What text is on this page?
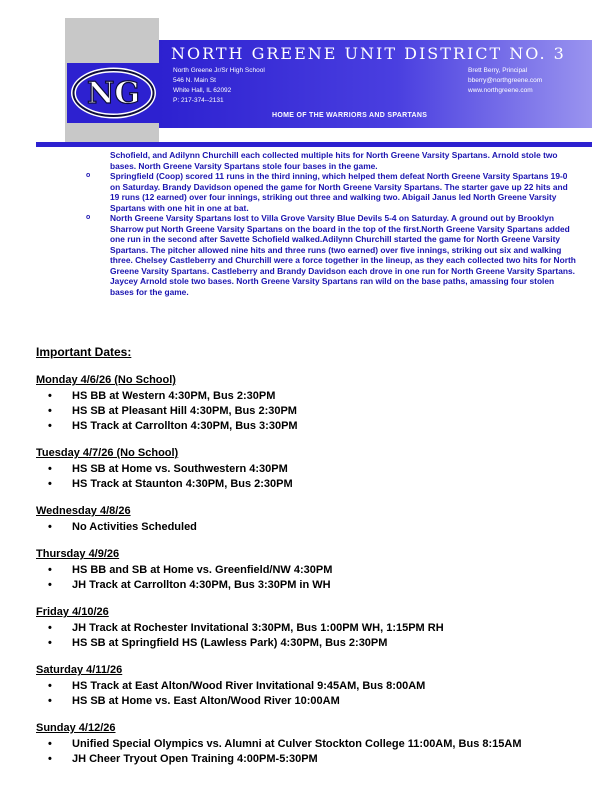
NG
NORTH GREENE UNIT DISTRICT NO. 3
North Greene Jr/Sr High School
546 N. Main St
White Hall, IL 62092
P: 217-374--2131
Brett Berry, Principal
bberry@northgreene.com
www.northgreene.com
HOME OF THE WARRIORS AND SPARTANS

Schofield, and Adilynn Churchill each collected multiple hits for North Greene Varsity Spartans. Arnold stole two bases. North Greene Varsity Spartans stole four bases in the game.

o Springfield (Coop) scored 11 runs in the third inning, which helped them defeat North Greene Varsity Spartans 19-0 on Saturday. Brandy Davidson opened the game for North Greene Varsity Spartans. The starter gave up 22 hits and 19 runs (12 earned) over four innings, striking out three and walking two. Abigail Janus led North Greene Varsity Spartans with one hit in one at bat.

o North Greene Varsity Spartans lost to Villa Grove Varsity Blue Devils 5-4 on Saturday. A ground out by Brooklyn Sharrow put North Greene Varsity Spartans on the board in the top of the first.North Greene Varsity Spartans added one run in the second after Savette Schofield walked.Adilynn Churchill started the game for North Greene Varsity Spartans. The pitcher allowed nine hits and three runs (two earned) over five innings, striking out six and walking three. Chelsey Castleberry and Churchill were a force together in the lineup, as they each collected two hits for North Greene Varsity Spartans. Castleberry and Brandy Davidson each drove in one run for North Greene Varsity Spartans. Jaycey Arnold stole two bases. North Greene Varsity Spartans ran wild on the base paths, amassing four stolen bases for the game.

Important Dates:
Monday 4/6/26 (No School)
• HS BB at Western 4:30PM, Bus 2:30PM
• HS SB at Pleasant Hill 4:30PM, Bus 2:30PM
• HS Track at Carrollton 4:30PM, Bus 3:30PM
Tuesday 4/7/26 (No School)
• HS SB at Home vs. Southwestern 4:30PM
• HS Track at Staunton 4:30PM, Bus 2:30PM
Wednesday 4/8/26
• No Activities Scheduled
Thursday 4/9/26
• HS BB and SB at Home vs. Greenfield/NW 4:30PM
• JH Track at Carrollton 4:30PM, Bus 3:30PM in WH
Friday 4/10/26
• JH Track at Rochester Invitational 3:30PM, Bus 1:00PM WH, 1:15PM RH
• HS SB at Springfield HS (Lawless Park) 4:30PM, Bus 2:30PM
Saturday 4/11/26
• HS Track at East Alton/Wood River Invitational 9:45AM, Bus 8:00AM
• HS SB at Home vs. East Alton/Wood River 10:00AM
Sunday 4/12/26
• Unified Special Olympics vs. Alumni at Culver Stockton College 11:00AM, Bus 8:15AM
• JH Cheer Tryout Open Training 4:00PM-5:30PM
